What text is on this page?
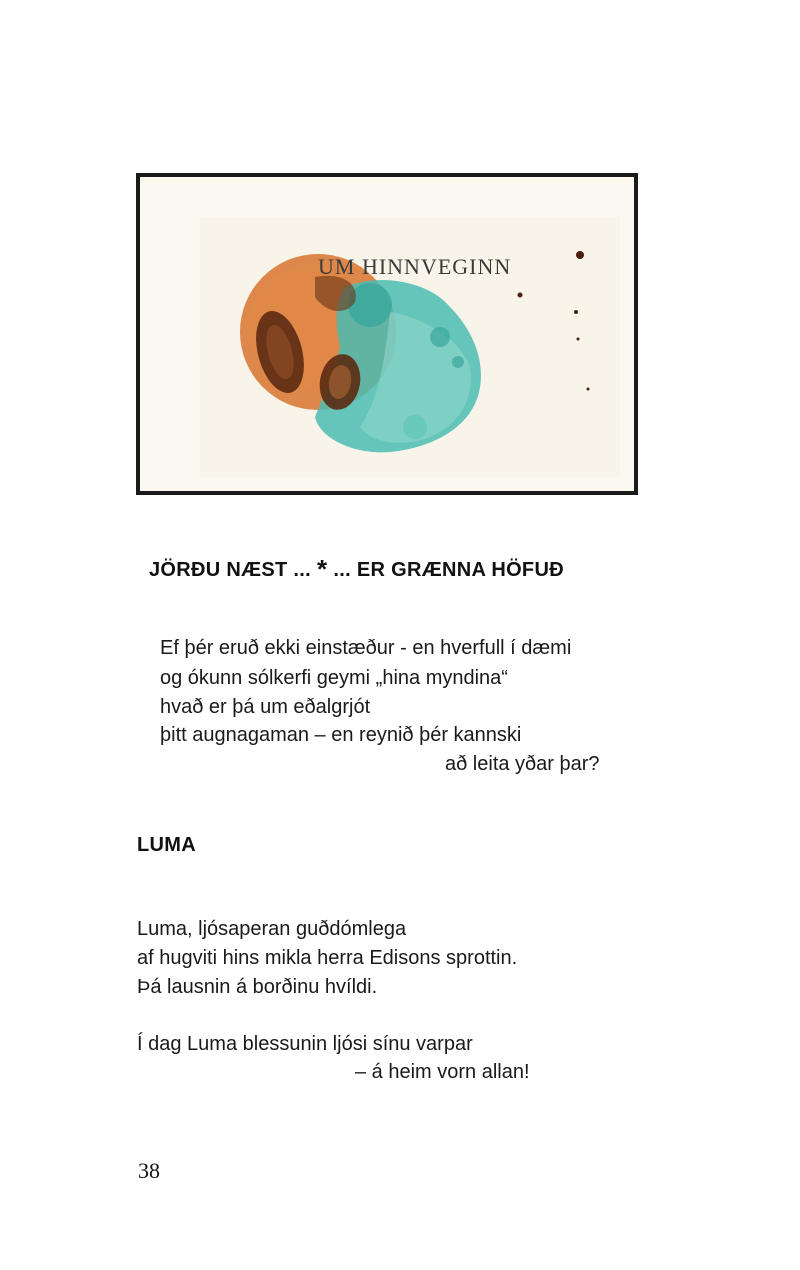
UM HINNVEGINN
JÖRÐU NÆST ... * ... ER GRÆNNA HÖFUÐ
Ef þér eruð ekki einstæður - en hverfull í dæmi
og ókunn sólkerfi geymi „hina myndina“
hvað er þá um eðalgrjót
þitt augnagaman – en reynið þér kannski
að leita yðar þar?
LUMA
Luma, ljósaperan guðdómlega
af hugviti hins mikla herra Edisons sprottin.
Þá lausnin á borðinu hvíldi.
Í dag Luma blessunin ljósi sínu varpar
– á heim vorn allan!
38
